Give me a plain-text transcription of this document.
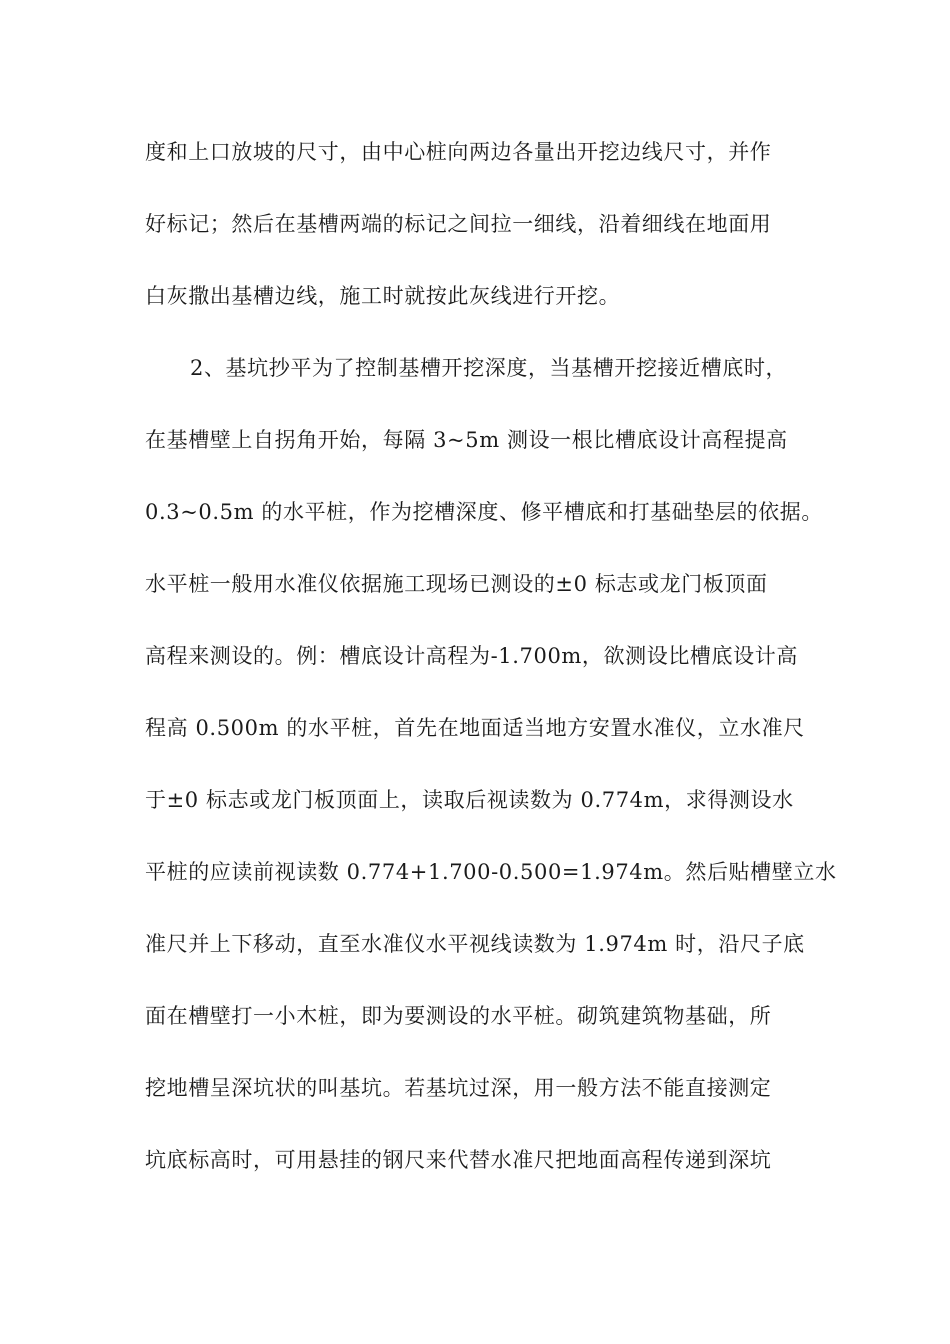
度和上口放坡的尺寸，由中心桩向两边各量出开挖边线尺寸，并作
好标记；然后在基槽两端的标记之间拉一细线，沿着细线在地面用
白灰撒出基槽边线，施工时就按此灰线进行开挖。
2、基坑抄平为了控制基槽开挖深度，当基槽开挖接近槽底时，
在基槽壁上自拐角开始，每隔 3~5m 测设一根比槽底设计高程提高
0.3~0.5m 的水平桩，作为挖槽深度、修平槽底和打基础垫层的依据。
水平桩一般用水准仪依据施工现场已测设的±0 标志或龙门板顶面
高程来测设的。例：槽底设计高程为-1.700m，欲测设比槽底设计高
程高 0.500m 的水平桩，首先在地面适当地方安置水准仪，立水准尺
于±0 标志或龙门板顶面上，读取后视读数为 0.774m，求得测设水
平桩的应读前视读数 0.774+1.700-0.500=1.974m。然后贴槽壁立水
准尺并上下移动，直至水准仪水平视线读数为 1.974m 时，沿尺子底
面在槽壁打一小木桩，即为要测设的水平桩。砌筑建筑物基础，所
挖地槽呈深坑状的叫基坑。若基坑过深，用一般方法不能直接测定
坑底标高时，可用悬挂的钢尺来代替水准尺把地面高程传递到深坑
